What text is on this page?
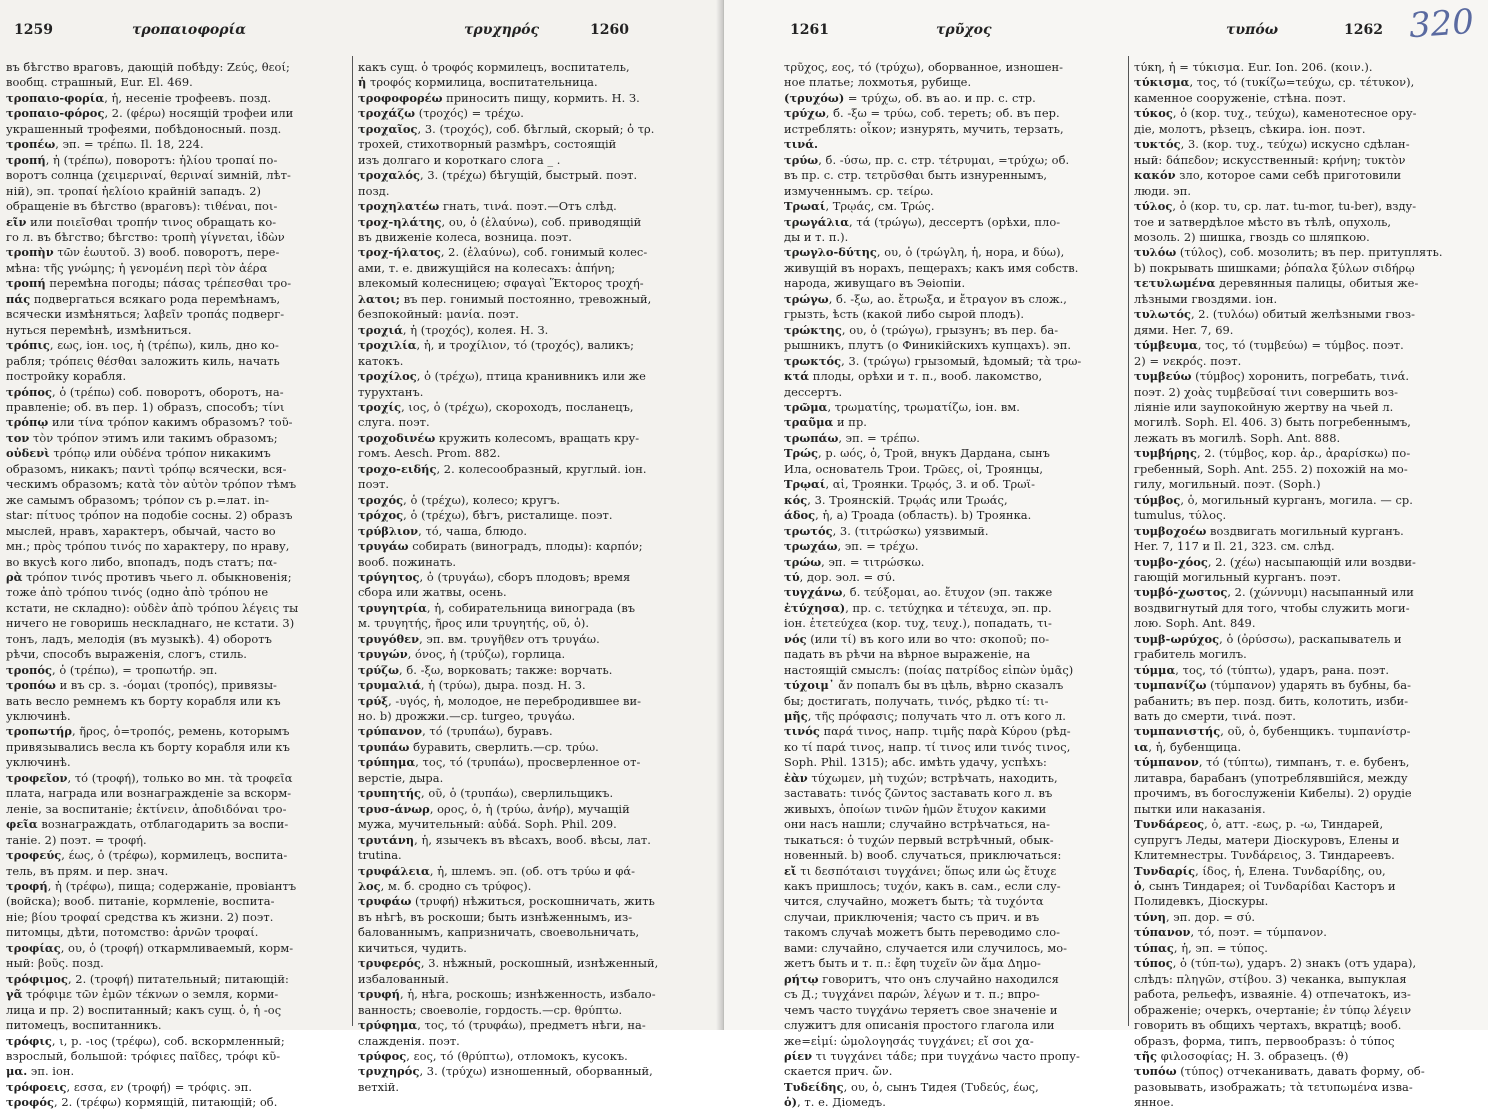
1259	τροπαιοφορία	τρυχηρός	1260
въ бѣгство враговъ, дающій побѣду: Ζεύς, θεοί;
вообщ. страшный, Eur. El. 469.
τροπαιο-φορία, ἡ, несеніе трофеевъ. позд.
τροπαιο-φόρος, 2. (φέρω) носящій трофеи или
украшенный трофеями, побѣдоносный. позд.
τροπέω, эп. = τρέπω. Il. 18, 224.
τροπή, ἡ (τρέπω), поворотъ: ἡλίου τροπαί по-
воротъ солнца (χειμεριναί, θεριναί зимній, лѣт-
ній), эп. τροπαί ἠελίοιο крайній западъ. 2)
обращеніе въ бѣгство (враговъ): τιθέναι, ποι-
εῖν или ποιεῖσθαι τροπήν τινος обращать ко-
го л. въ бѣгство; бѣгство: τροπὴ γίγνεται, ἰδὼν
τροπὴν τῶν ἑωυτοῦ. 3) вооб. поворотъ, пере-
мѣна: τῆς γνώμης; ἡ γενομένη περὶ τὸν ἀέρα
τροπή перемѣна погоды; πάσας τρέπεσθαι τρο-
πάς подвергаться всякаго рода перемѣнамъ,
всячески измѣняться; λαβεῖν τροπάς подверг-
нуться перемѣнѣ, измѣниться.
τρόπις, εως, іон. ιος, ἡ (τρέπω), киль, дно ко-
рабля; τρόπεις θέσθαι заложить киль, начать
постройку корабля.
τρόπος, ὁ (τρέπω) соб. поворотъ, оборотъ, на-
правленіе; об. въ пер. 1) образъ, способъ; τίνι
τρόπῳ или τίνα τρόπον какимъ образомъ? τοῦ-
τον τὸν τρόπον этимъ или такимъ образомъ;
οὐδενὶ τρόπῳ или οὐδένα τρόπον никакимъ
образомъ, никакъ; παντὶ τρόπῳ всячески, вся-
ческимъ образомъ; κατὰ τὸν αὐτὸν τρόπον тѣмъ
же самымъ образомъ; τρόπον съ р.=лат. in-
star: πίτυος τρόπον на подобіе сосны. 2) образъ
мыслей, нравъ, характеръ, обычай, часто во
мн.; πρὸς τρόπου τινός по характеру, по нраву,
во вкусѣ кого либо, впопадъ, подъ статъ; πα-
ρὰ τρόπον τινός противъ чьего л. обыкновенія;
тоже ἀπὸ τρόπου τινός (одно ἀπὸ τρόπου не
кстати, не складно): οὐδὲν ἀπὸ τρόπου λέγεις ты
ничего не говоришь нескладнаго, не кстати. 3)
тонъ, ладъ, мелодія (въ музыкѣ). 4) оборотъ
рѣчи, способъ выраженія, слогъ, стиль.
τροπός, ὁ (τρέπω), = τροπωτήρ. эп.
τροπόω и въ ср. з. -όομαι (τροπός), привязы-
вать весло ремнемъ къ борту корабля или къ
уключинѣ.
τροπωτήρ, ῆρος, ὁ=τροπός, ремень, которымъ
привязывались весла къ борту корабля или къ
уключинѣ.
τροφεῖον, τό (τροφή), только во мн. τὰ τροφεῖα
плата, награда или вознагражденіе за вскорм-
леніе, за воспитаніе; ἐκτίνειν, ἀποδιδόναι τρο-
φεῖα вознаграждать, отблагодарить за воспи-
таніе. 2) поэт. = τροφή.
τροφεύς, έως, ὁ (τρέφω), кормилецъ, воспита-
тель, въ прям. и пер. знач.
τροφή, ἡ (τρέφω), пища; содержаніе, провіантъ
(войска); вооб. питаніе, кормленіе, воспита-
ніе; βίου τροφαί средства къ жизни. 2) поэт.
питомцы, дѣти, потомство: ἀρνῶν τροφαί.
τροφίας, ου, ὁ (τροφή) откармливаемый, корм-
ный: βοῦς. позд.
τρόφιμος, 2. (τροφή) питательный; питающій:
γᾶ τρόφιμε τῶν ἐμῶν τέκνων о земля, корми-
лица и пр. 2) воспитанный; какъ сущ. ὁ, ἡ -ος
питомецъ, воспитанникъ.
τρόφις, ι, р. -ιος (τρέφω), соб. вскормленный;
взрослый, большой: τρόφιες παῖδες, τρόφι κῦ-
μα. эп. іон.
τρόφοεις, εσσα, εν (τροφή) = τρόφις. эп.
τροφός, 2. (τρέφω) кормящій, питающій; об.
какъ сущ. ὁ τροφός кормилецъ, воспитатель,
ἡ τροφός кормилица, воспитательница.
τροφοφορέω приносить пищу, кормить. Н. З.
τροχάζω (τροχός) = τρέχω.
τροχαῖος, 3. (τροχός), соб. бѣглый, скорый; ὁ τρ.
трохей, стихотворный размѣръ, состоящій
изъ долгаго и короткаго слога _ .
τροχαλός, 3. (τρέχω) бѣгущій, быстрый. поэт.
позд.
τροχηλατέω гнать, τινά. поэт.—Отъ слѣд.
τροχ-ηλάτης, ου, ὁ (ἐλαύνω), соб. приводящій
въ движеніе колеса, возница. поэт.
τροχ-ήλατος, 2. (ἐλαύνω), соб. гонимый колес-
ами, т. е. движущійся на колесахъ: ἀπήνη;
влекомый колесницею; σφαγαὶ Ἕκτορος τροχή-
λατοι; въ пер. гонимый постоянно, тревожный,
безпокойный: μανία. поэт.
τροχιά, ἡ (τροχός), колея. Н. З.
τροχιλία, ἡ, и τροχίλιον, τό (τροχός), валикъ;
катокъ.
τροχίλος, ὁ (τρέχω), птица кранивникъ или же
турухтанъ.
τροχίς, ιος, ὁ (τρέχω), скороходъ, посланецъ,
слуга. поэт.
τροχοδινέω кружить колесомъ, вращать кру-
гомъ. Aesch. Prom. 882.
τροχο-ειδής, 2. колесообразный, круглый. іон.
поэт.
τροχός, ὁ (τρέχω), колесо; кругъ.
τρόχος, ὁ (τρέχω), бѣгъ, ристалище. поэт.
τρύβλιον, τό, чаша, блюдо.
τρυγάω собирать (виноградъ, плоды): καρπόν;
вооб. пожинать.
τρύγητος, ὁ (τρυγάω), сборъ плодовъ; время
сбора или жатвы, осень.
τρυγητρία, ἡ, собирательница винограда (въ
м. τρυγητής, ῆρος или τρυγητής, οῦ, ὁ).
τρυγόθεν, эп. вм. τρυγῆθεν отъ τρυγάω.
τρυγών, όνος, ἡ (τρύζω), горлица.
τρύζω, б. -ξω, ворковать; также: ворчать.
τρυμαλιά, ἡ (τρύω), дыра. позд. Н. З.
τρύξ, -υγός, ἡ, молодое, не перебродившее ви-
но. b) дрожжи.—ср. turgeo, τρυγάω.
τρύπανον, τό (τρυπάω), буравъ.
τρυπάω буравить, сверлить.—ср. τρύω.
τρύπημα, τος, τό (τρυπάω), просверленное от-
верстіе, дыра.
τρυπητής, οῦ, ὁ (τρυπάω), сверлильщикъ.
τρυσ-άνωρ, ορος, ὁ, ἡ (τρύω, ἀνήρ), мучащій
мужа, мучительный: αὐδά. Soph. Phil. 209.
τρυτάνη, ἡ, язычекъ въ вѣсахъ, вооб. вѣсы, лат.
trutina.
τρυφάλεια, ἡ, шлемъ. эп. (об. отъ τρύω и φά-
λος, м. б. сродно съ τρύφος).
τρυφάω (τρυφή) нѣжиться, роскошничать, жить
въ нѣгѣ, въ роскоши; быть изнѣженнымъ, из-
балованнымъ, капризничать, своевольничать,
кичиться, чудить.
τρυφερός, 3. нѣжный, роскошный, изнѣженный,
избалованный.
τρυφή, ἡ, нѣга, роскошь; изнѣженность, избало-
ванность; своеволіе, гордость.—ср. θρύπτω.
τρύφημα, τος, τό (τρυφάω), предметъ нѣги, на-
слажденія. поэт.
τρύφος, εος, τό (θρύπτω), отломокъ, кусокъ.
τρυχηρός, 3. (τρύχω) изношенный, оборванный,
ветхій.
1261	τρῦχος	τυπόω	1262 320
τρῦχος, εος, τό (τρύχω), оборванное, изношен-
ное платье; лохмотья, рубище.
(τρυχόω) = τρύχω, об. въ ао. и пр. с. стр.
τρύχω, б. -ξω = τρύω, соб. тереть; об. въ пер.
истреблять: οἶκον; изнурять, мучить, терзать,
τινά.
τρύω, б. -ύσω, пр. с. стр. τέτρυμαι, =τρύχω; об.
въ пр. с. стр. τετρῦσθαι быть изнуреннымъ,
измученнымъ. ср. τείρω.
Τρωαί, Τρῳάς, см. Τρώς.
τρωγάλια, τά (τρώγω), дессертъ (орѣхи, пло-
ды и т. п.).
τρωγλο-δύτης, ου, ὁ (τρώγλη, ἡ, нора, и δύω),
живущій въ норахъ, пещерахъ; какъ имя собств.
народа, живущаго въ Эѳіопіи.
τρώγω, б. -ξω, ао. ἔτρωξα, и ἔτραγον въ слож.,
грызть, ѣсть (какой либо сырой плодъ).
τρώκτης, ου, ὁ (τρώγω), грызунъ; въ пер. ба-
рышникъ, плутъ (о Финикійскихъ купцахъ). эп.
τρωκτός, 3. (τρώγω) грызомый, ѣдомый; τὰ τρω-
κτά плоды, орѣхи и т. п., вооб. лакомство,
дессертъ.
τρῶμα, τρωματίης, τρωματίζω, іон. вм.
τραῦμα и пр.
τρωπάω, эп. = τρέπω.
Τρώς, р. ωός, ὁ, Трой, внукъ Дардана, сынъ
Ила, основатель Трои. Τρῶες, οἱ, Троянцы,
Τρῳαί, αἱ, Троянки. Τρῳός, 3. и об. Τρωϊ-
κός, 3. Троянскій. Τρῳάς или Τρωάς,
άδος, ἡ, a) Троада (область). b) Троянка.
τρωτός, 3. (τιτρώσκω) уязвимый.
τρωχάω, эп. = τρέχω.
τρώω, эп. = τιτρώσκω.
τύ, дор. эол. = σύ.
τυγχάνω, б. τεύξομαι, ао. ἔτυχον (эп. также
ἐτύχησα), пр. с. τετύχηκα и τέτευχα, эп. пр.
іон. ἐτετεύχεα (кор. τυχ, τευχ.), попадать, τι-
νός (или τί) въ кого или во что: σκοποῦ; по-
падать въ рѣчи на вѣрное выраженіе, на
настоящій смыслъ: (ποίας πατρίδος εἰπὼν ὑμᾶς)
τύχοιμ᾽ ἄν попалъ бы въ цѣль, вѣрно сказалъ
бы; достигать, получать, τινός, рѣдко τί: τι-
μῆς, τῆς πρόφασις; получать что л. отъ кого л.
τινός παρά τινος, напр. τιμῆς παρὰ Κύρου (рѣд-
ко τί παρά τινος, напр. τί τινος или τινός τινος,
Soph. Phil. 1315); абс. имѣть удачу, успѣхъ:
ἐὰν τύχωμεν, μὴ τυχών; встрѣчать, находить,
заставать: τινός ζῶντος заставать кого л. въ
живыхъ, ὁποίων τινῶν ἡμῶν ἔτυχον какими
они насъ нашли; случайно встрѣчаться, на-
тыкаться: ὁ τυχών первый встрѣчный, обык-
новенный. b) вооб. случаться, приключаться:
εἴ τι δεσπόταισι τυγχάνει; ὅπως или ὡς ἔτυχε
какъ пришлось; τυχόν, какъ в. сам., если слу-
чится, случайно, можетъ быть; τὰ τυχόντα
случаи, приключенія; часто съ прич. и въ
такомъ случаѣ можетъ быть переводимо сло-
вами: случайно, случается или случилось, мо-
жетъ быть и т. п.: ἔφη τυχεῖν ὢν ἅμα Δημο-
ρήτῳ говоритъ, что онъ случайно находился
съ Д.; τυγχάνει παρών, λέγων и т. п.; впро-
чемъ часто τυγχάνω теряетъ свое значеніе и
служитъ для описанія простого глагола или
же=εἰμί: ὡμολογησάς τυγχάνει; εἴ σοι χα-
ρίεν τι τυγχάνει τάδε; при τυγχάνω часто пропу-
скается прич. ὤν.
Τυδείδης, ου, ὁ, сынъ Тидея (Τυδεύς, έως,
ὁ), т. е. Діомедъ.
τύκη, ἡ = τύκισμα. Eur. Ion. 206. (κοιν.).
τύκισμα, τος, τό (τυκίζω=τεύχω, ср. τέτυκον),
каменное сооруженіе, стѣна. поэт.
τύκος, ὁ (кор. τυχ., τεύχω), каменотесное ору-
діе, молотъ, рѣзецъ, сѣкира. іон. поэт.
τυκτός, 3. (кор. τυχ., τεύχω) искусно сдѣлан-
ный: δάπεδον; искусственный: κρήνη; τυκτὸν
κακόν зло, которое сами себѣ приготовили
люди. эп.
τύλος, ὁ (кор. τυ, ср. лат. tu-mor, tu-ber), взду-
тое и затвердѣлое мѣсто въ тѣлѣ, опухоль,
мозоль. 2) шишка, гвоздь со шляпкою.
τυλόω (τύλος), соб. мозолить; въ пер. притуплять.
b) покрывать шишками; ῥόπαλα ξύλων σιδήρῳ
τετυλωμένα деревянныя палицы, обитыя же-
лѣзными гвоздями. іон.
τυλωτός, 2. (τυλόω) обитый желѣзными гвоз-
дями. Her. 7, 69.
τύμβευμα, τος, τό (τυμβεύω) = τύμβος. поэт.
2) = νεκρός. поэт.
τυμβεύω (τύμβος) хоронить, погребать, τινά.
поэт. 2) χοὰς τυμβεῦσαί τινι совершить воз-
ліяніе или заупокойную жертву на чьей л.
могилѣ. Soph. El. 406. 3) быть погребеннымъ,
лежать въ могилѣ. Soph. Ant. 888.
τυμβήρης, 2. (τύμβος, кор. ἀρ., ἀραρίσκω) по-
гребенный, Soph. Ant. 255. 2) похожій на мо-
гилу, могильный. поэт. (Soph.)
τύμβος, ὁ, могильный курганъ, могила. — ср.
tumulus, τύλος.
τυμβοχοέω воздвигать могильный курганъ.
Her. 7, 117 и Il. 21, 323. см. слѣд.
τυμβο-χόος, 2. (χέω) насыпающій или воздви-
гающій могильный курганъ. поэт.
τυμβό-χωστος, 2. (χώννυμι) насыпанный или
воздвигнутый для того, чтобы служить моги-
лою. Soph. Ant. 849.
τυμβ-ωρύχος, ὁ (ὀρύσσω), раскапыватель и
грабитель могилъ.
τύμμα, τος, τό (τύπτω), ударъ, рана. поэт.
τυμπανίζω (τύμπανον) ударять въ бубны, ба-
рабанить; въ пер. позд. бить, колотить, изби-
вать до смерти, τινά. поэт.
τυμπανιστής, οῦ, ὁ, бубенщикъ. τυμπανίστρ-
ια, ἡ, бубенщица.
τύμπανον, τό (τύπτω), тимпанъ, т. е. бубенъ,
литавра, барабанъ (употреблявшійся, между
прочимъ, въ богослуженіи Кибелы). 2) орудіе
пытки или наказанія.
Τυνδάρεος, ὁ, атт. -εως, р. -ω, Тиндарей,
супругъ Леды, матери Діоскуровъ, Елены и
Клитемнестры. Τυνδάρειος, 3. Тиндареевъ.
Τυνδαρίς, ίδος, ἡ, Елена. Τυνδαρίδης, ου,
ὁ, сынъ Тиндарея; οἱ Τυνδαρίδαι Касторъ и
Полидевкъ, Діоскуры.
τύνη, эп. дор. = σύ.
τύπανον, τό, поэт. = τύμπανον.
τύπας, ἡ, эп. = τύπος.
τύπος, ὁ (τύπ-τω), ударъ. 2) знакъ (отъ удара),
слѣдъ: πληγῶν, στίβου. 3) чеканка, выпуклая
работа, рельефъ, изваяніе. 4) отпечатокъ, из-
ображеніе; очеркъ, очертаніе; ἐν τύπῳ λέγειν
говорить въ общихъ чертахъ, вкратцѣ; вооб.
образъ, форма, типъ, первообразъ: ὁ τύπος
τῆς φιλοσοφίας; Н. З. образецъ. (ϑ)
τυπόω (τύπος) отчеканивать, давать форму, об-
разовывать, изображать; τὰ τετυπωμένα изва-
янное.
